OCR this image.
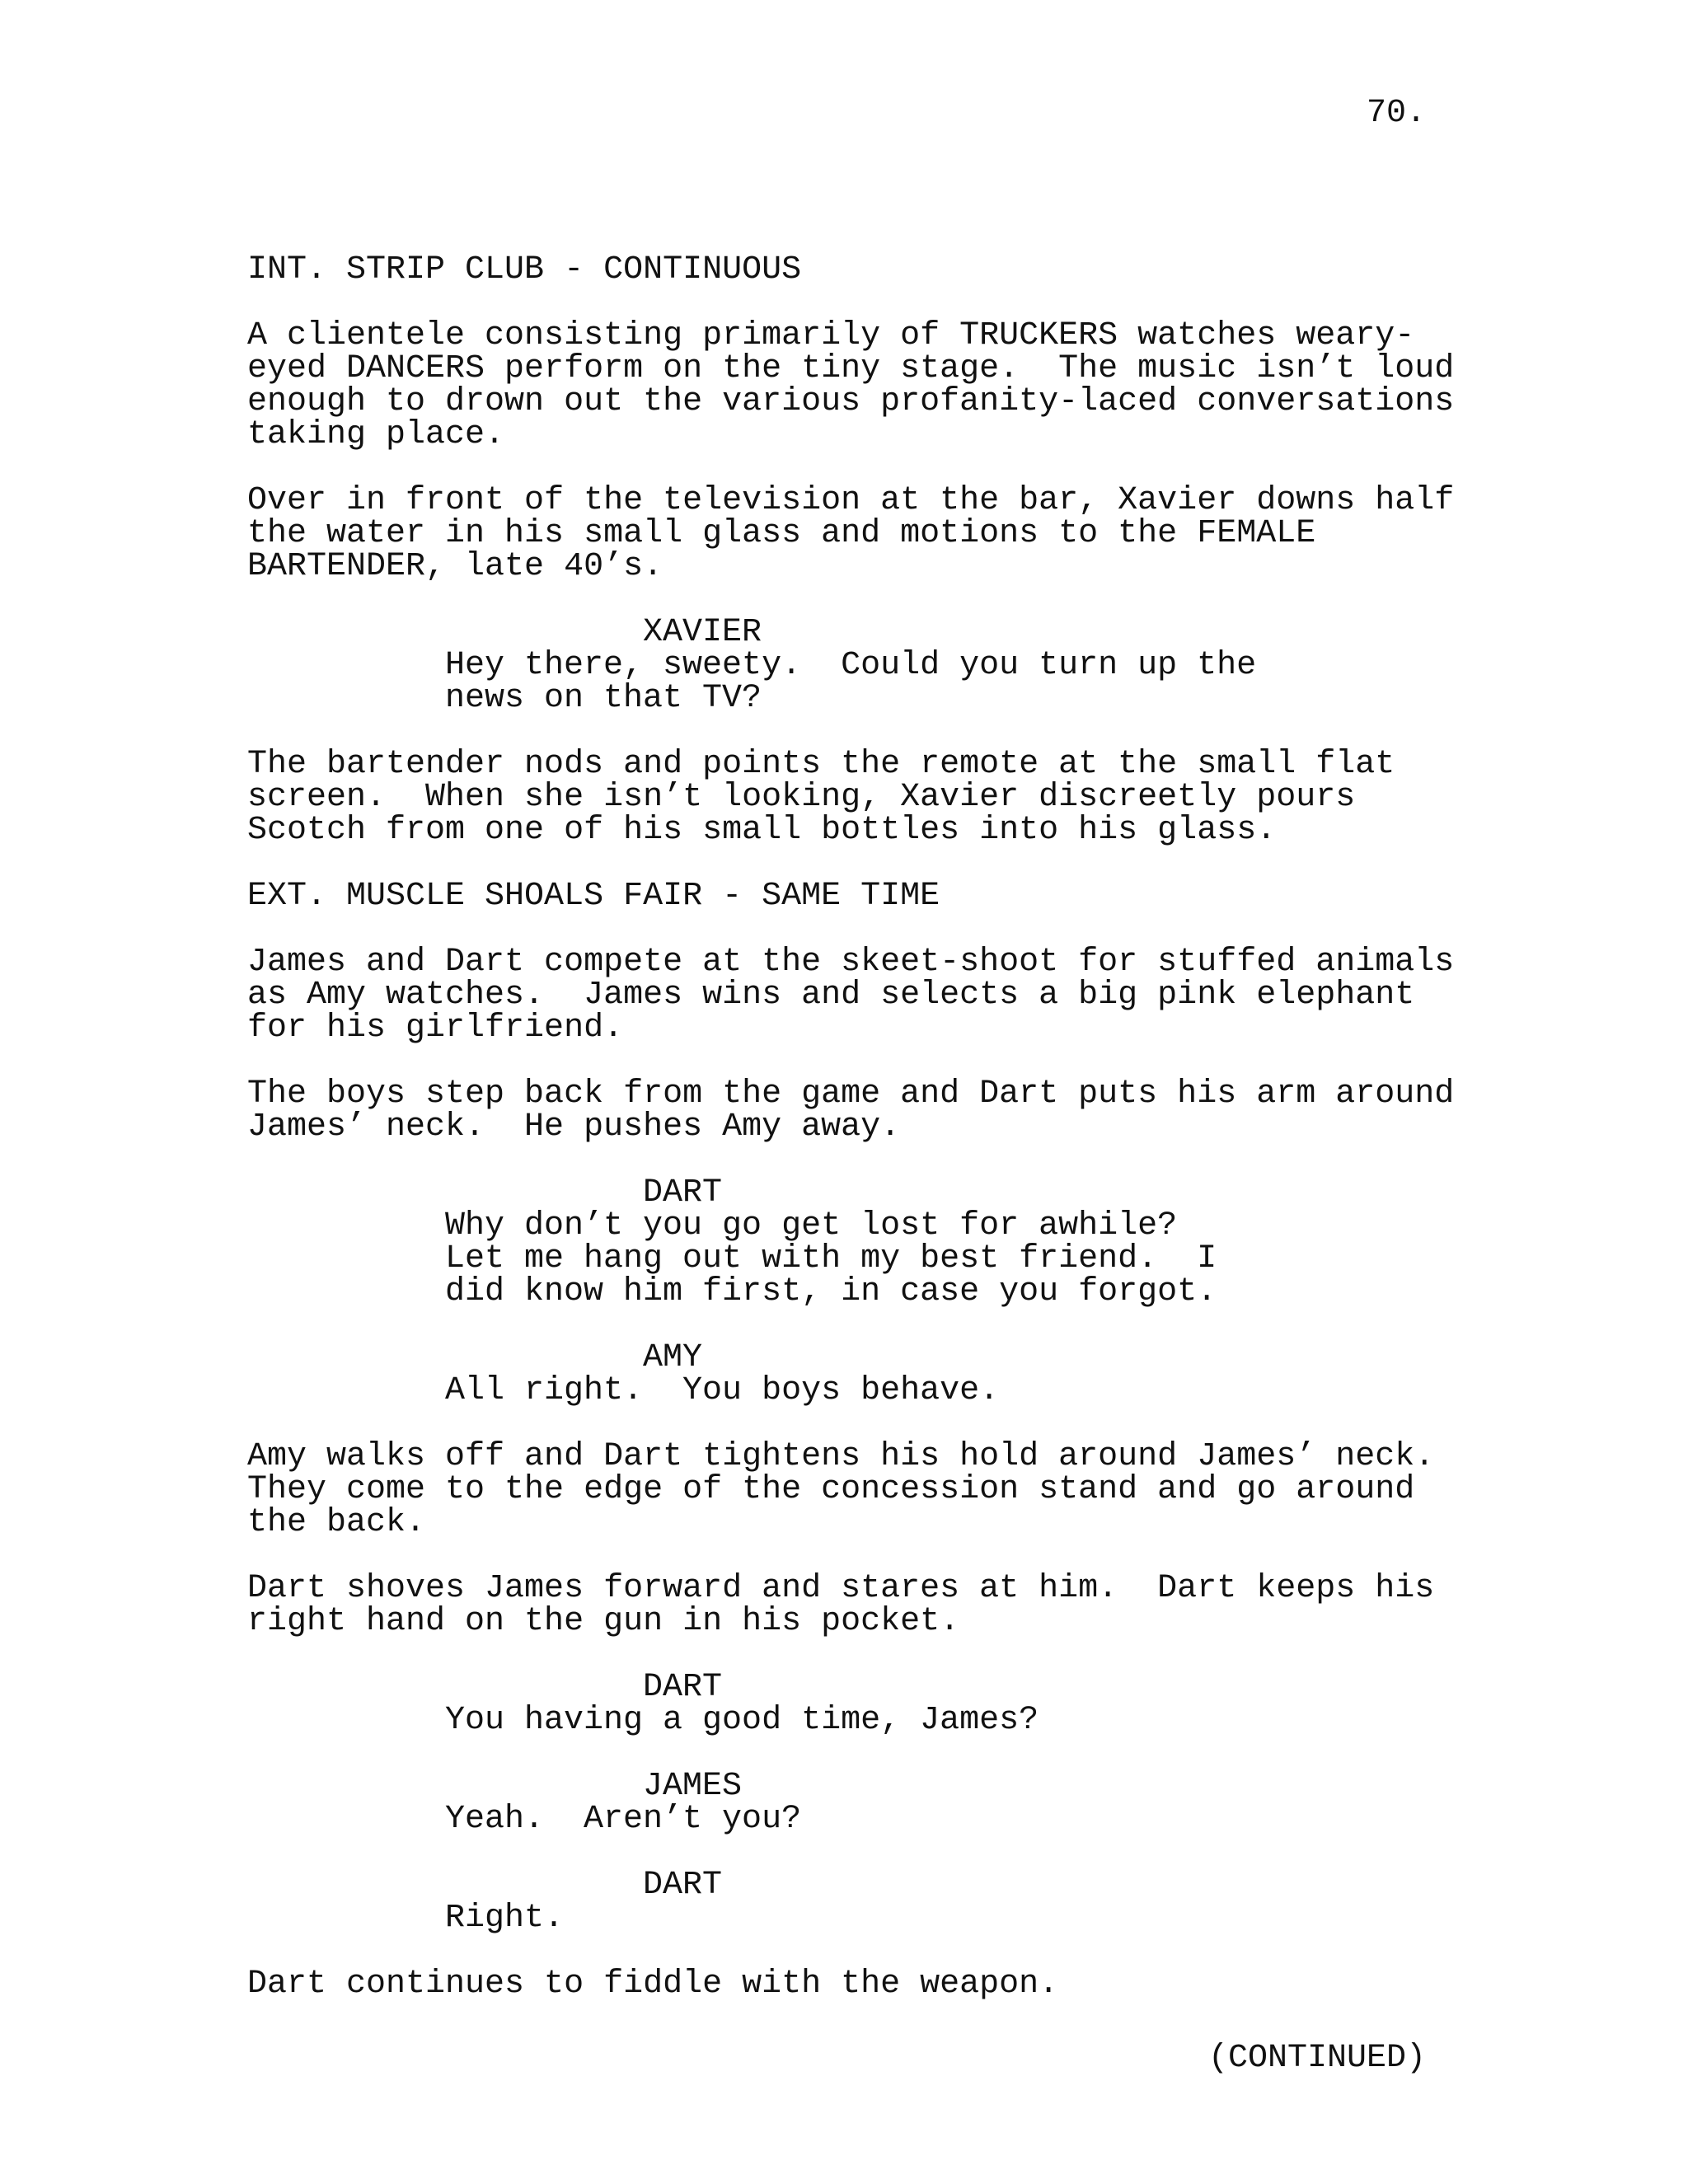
70.
INT. STRIP CLUB - CONTINUOUS
A clientele consisting primarily of TRUCKERS watches weary-
eyed DANCERS perform on the tiny stage.  The music isn’t loud
enough to drown out the various profanity-laced conversations
taking place.
Over in front of the television at the bar, Xavier downs half
the water in his small glass and motions to the FEMALE
BARTENDER, late 40’s.
XAVIER
Hey there, sweety.  Could you turn up the
news on that TV?
The bartender nods and points the remote at the small flat
screen.  When she isn’t looking, Xavier discreetly pours
Scotch from one of his small bottles into his glass.
EXT. MUSCLE SHOALS FAIR - SAME TIME
James and Dart compete at the skeet-shoot for stuffed animals
as Amy watches.  James wins and selects a big pink elephant
for his girlfriend.
The boys step back from the game and Dart puts his arm around
James’ neck.  He pushes Amy away.
DART
Why don’t you go get lost for awhile?
Let me hang out with my best friend.  I
did know him first, in case you forgot.
AMY
All right.  You boys behave.
Amy walks off and Dart tightens his hold around James’ neck.
They come to the edge of the concession stand and go around
the back.
Dart shoves James forward and stares at him.  Dart keeps his
right hand on the gun in his pocket.
DART
You having a good time, James?
JAMES
Yeah.  Aren’t you?
DART
Right.
Dart continues to fiddle with the weapon.
(CONTINUED)
